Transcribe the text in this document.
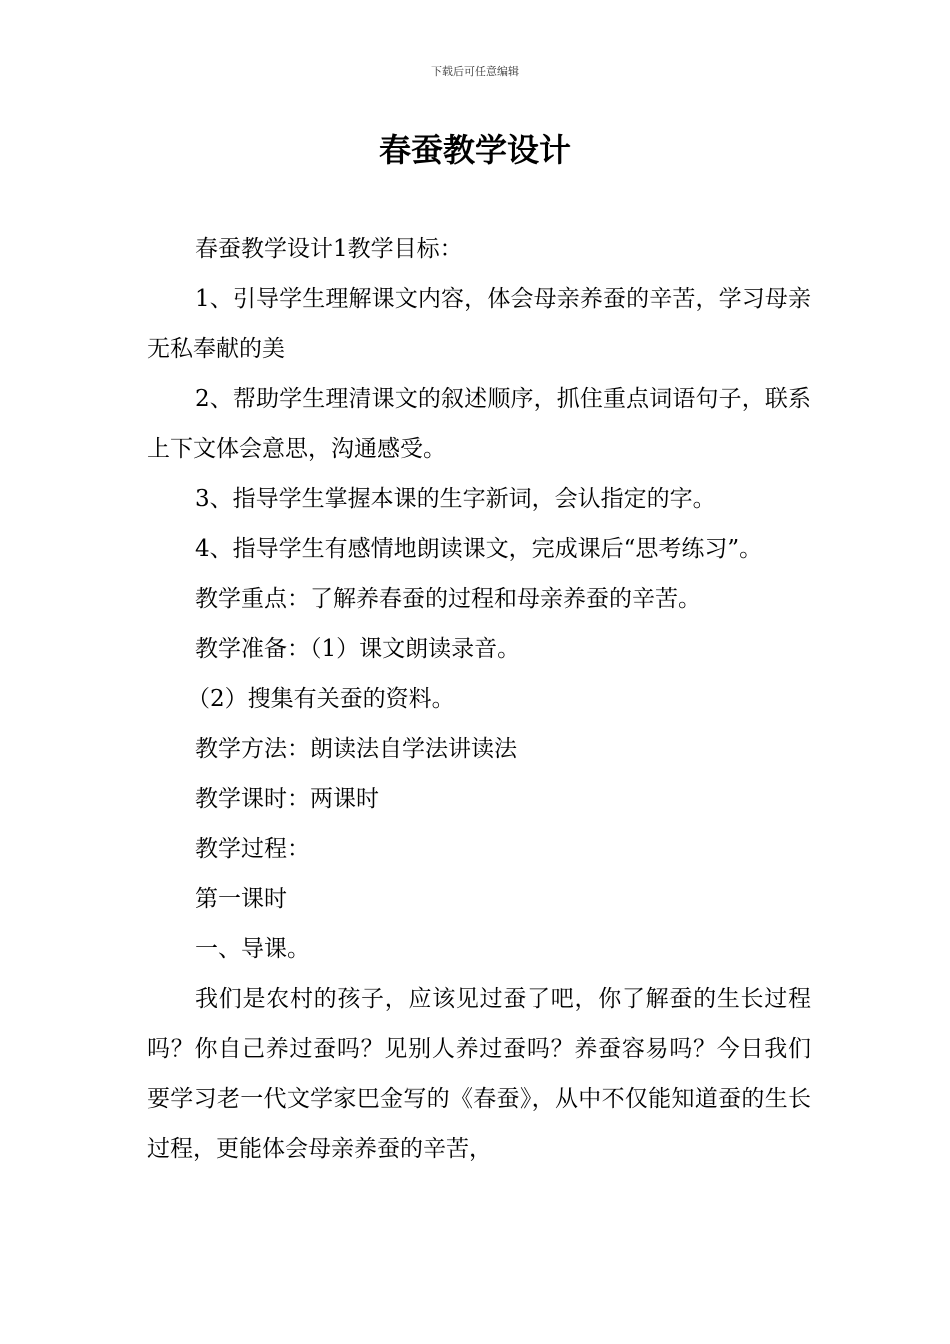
下载后可任意编辑
春蚕教学设计

春蚕教学设计1教学目标：

1、引导学生理解课文内容，体会母亲养蚕的辛苦，学习母亲无私奉献的美

2、帮助学生理清课文的叙述顺序，抓住重点词语句子，联系上下文体会意思，沟通感受。

3、指导学生掌握本课的生字新词，会认指定的字。

4、指导学生有感情地朗读课文，完成课后“思考练习”。

教学重点：了解养春蚕的过程和母亲养蚕的辛苦。

教学准备：（1）课文朗读录音。

（2）搜集有关蚕的资料。

教学方法：朗读法自学法讲读法

教学课时：两课时

教学过程：

第一课时

一、导课。

我们是农村的孩子，应该见过蚕了吧，你了解蚕的生长过程吗？你自己养过蚕吗？见别人养过蚕吗？养蚕容易吗？今日我们要学习老一代文学家巴金写的《春蚕》，从中不仅能知道蚕的生长过程，更能体会母亲养蚕的辛苦，
